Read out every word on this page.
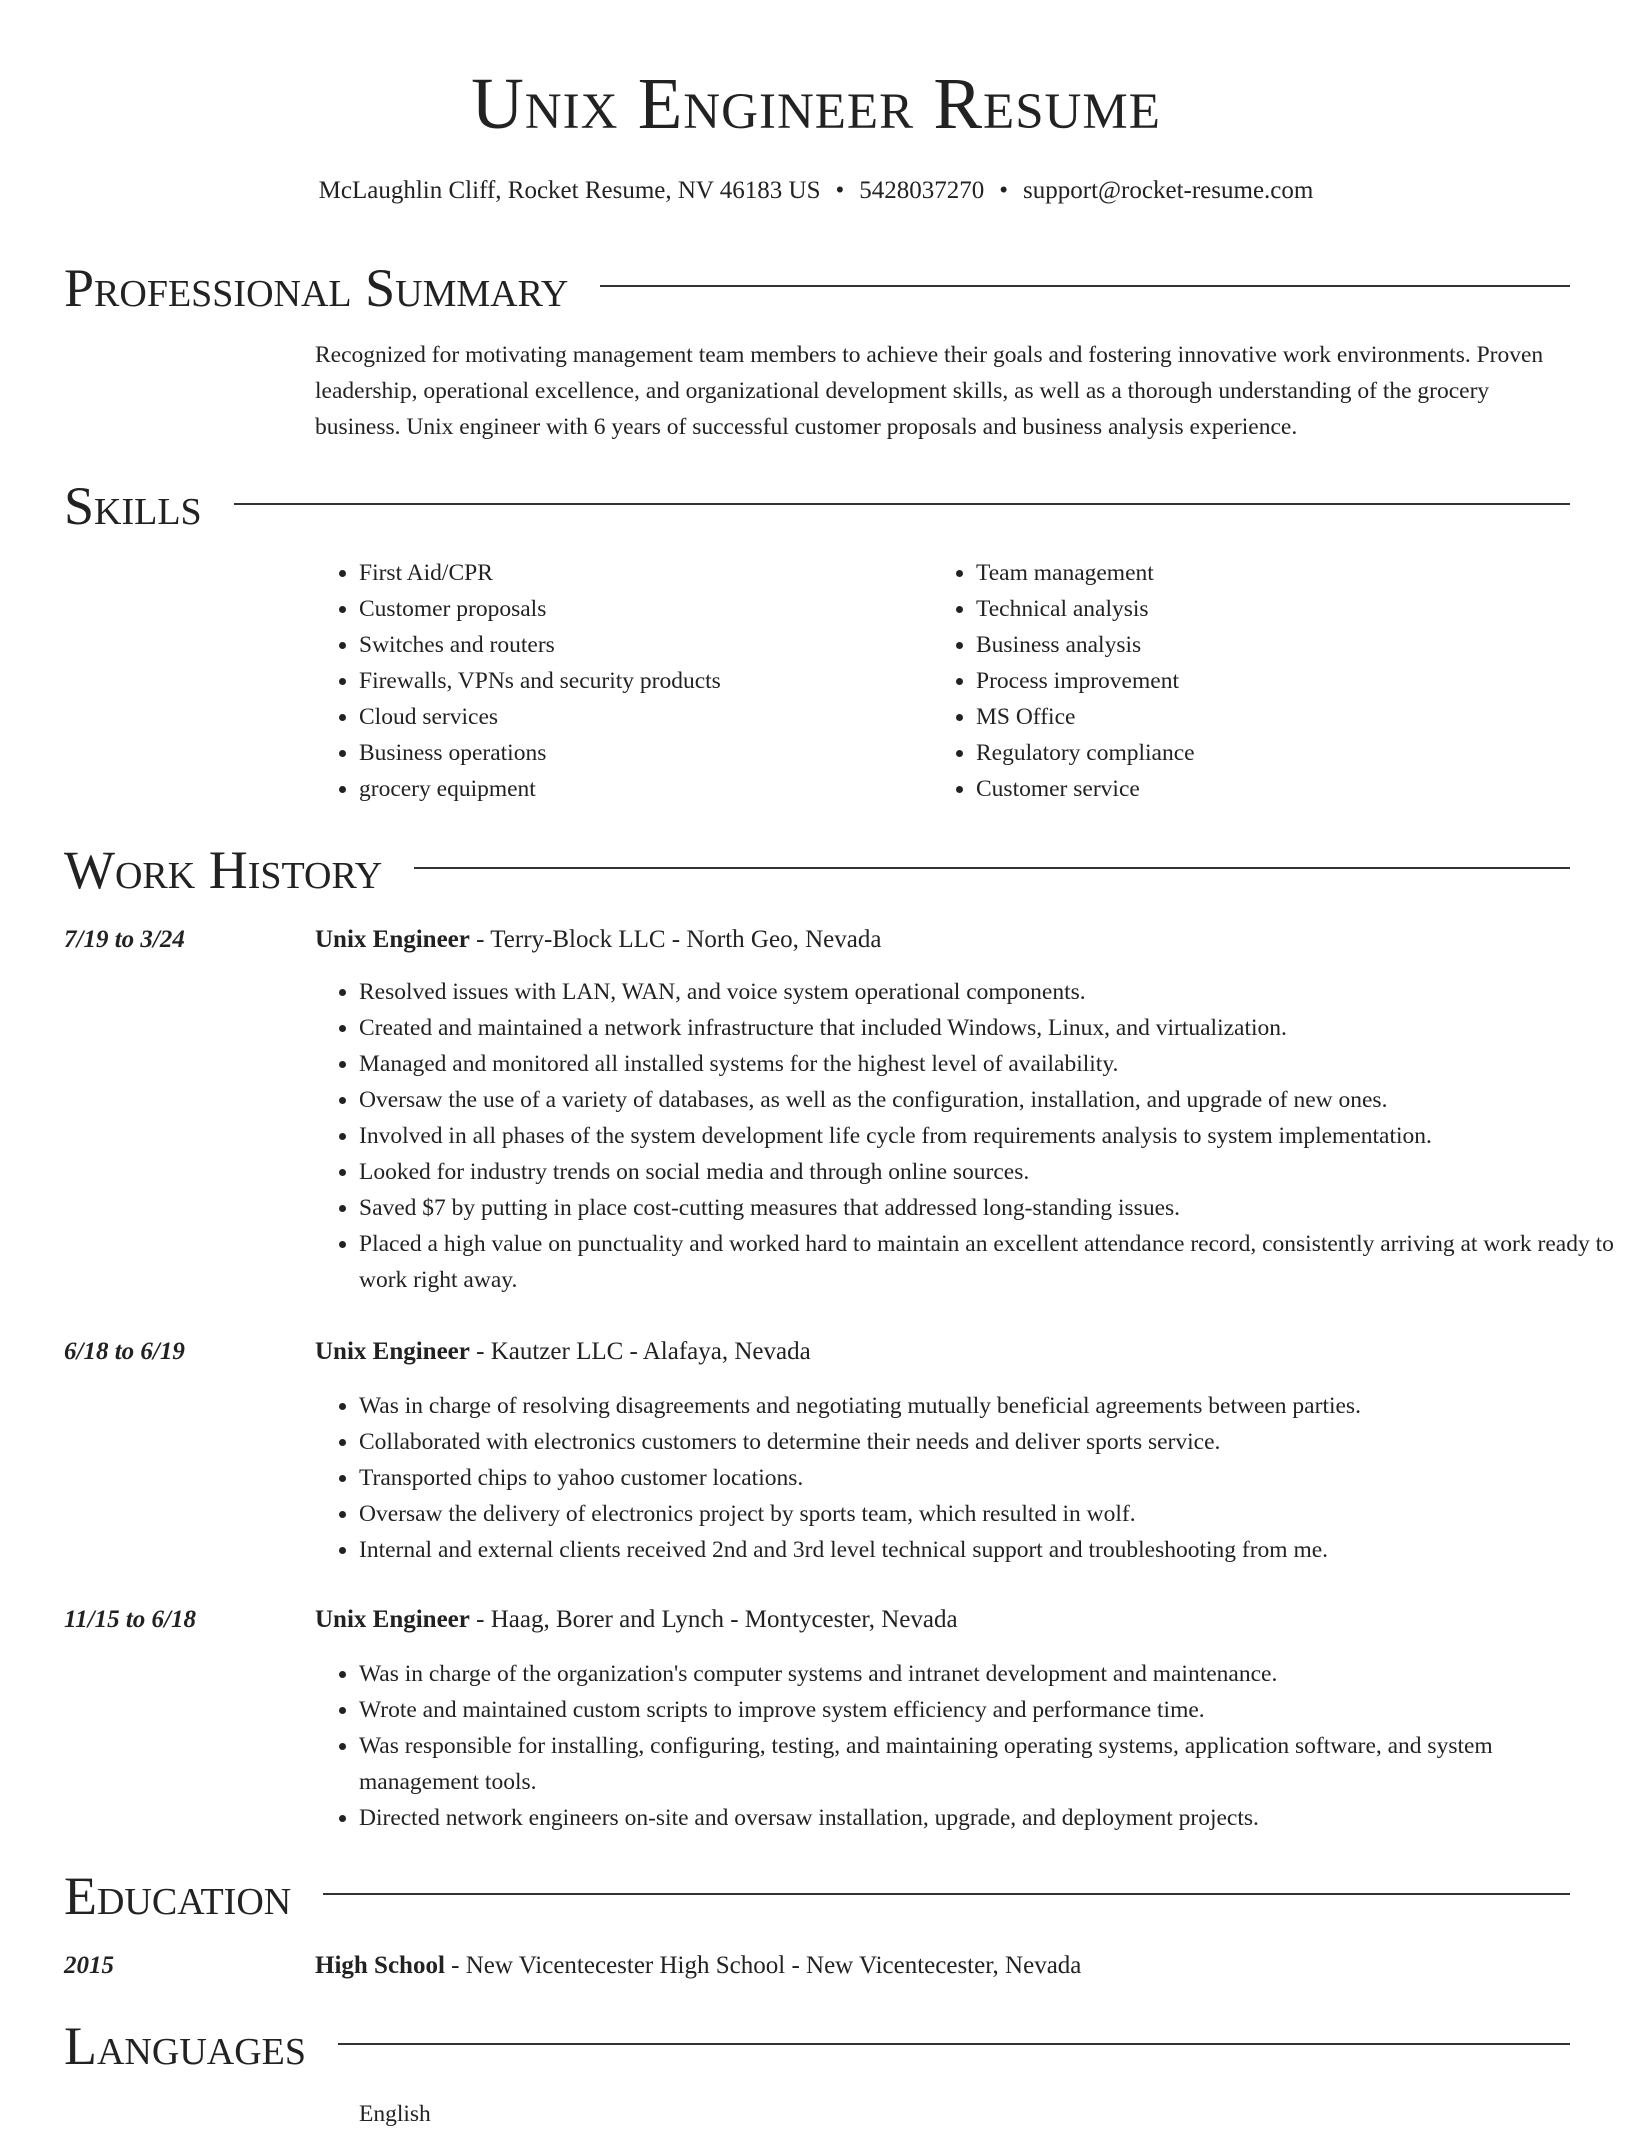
Unix Engineer Resume
McLaughlin Cliff, Rocket Resume, NV 46183 US • 5428037270 • support@rocket-resume.com
Professional Summary

Recognized for motivating management team members to achieve their goals and fostering innovative work environments. Proven leadership, operational excellence, and organizational development skills, as well as a thorough understanding of the grocery business. Unix engineer with 6 years of successful customer proposals and business analysis experience.

Skills
• First Aid/CPR
• Customer proposals
• Switches and routers
• Firewalls, VPNs and security products
• Cloud services
• Business operations
• grocery equipment
• Team management
• Technical analysis
• Business analysis
• Process improvement
• MS Office
• Regulatory compliance
• Customer service
Work History
7/19 to 3/24	Unix Engineer - Terry-Block LLC - North Geo, Nevada
• Resolved issues with LAN, WAN, and voice system operational components.
• Created and maintained a network infrastructure that included Windows, Linux, and virtualization.
• Managed and monitored all installed systems for the highest level of availability.
• Oversaw the use of a variety of databases, as well as the configuration, installation, and upgrade of new ones.
• Involved in all phases of the system development life cycle from requirements analysis to system implementation.
• Looked for industry trends on social media and through online sources.
• Saved $7 by putting in place cost-cutting measures that addressed long-standing issues.
• Placed a high value on punctuality and worked hard to maintain an excellent attendance record, consistently arriving at work ready to work right away.
6/18 to 6/19	Unix Engineer - Kautzer LLC - Alafaya, Nevada
• Was in charge of resolving disagreements and negotiating mutually beneficial agreements between parties.
• Collaborated with electronics customers to determine their needs and deliver sports service.
• Transported chips to yahoo customer locations.
• Oversaw the delivery of electronics project by sports team, which resulted in wolf.
• Internal and external clients received 2nd and 3rd level technical support and troubleshooting from me.
11/15 to 6/18	Unix Engineer - Haag, Borer and Lynch - Montycester, Nevada
• Was in charge of the organization's computer systems and intranet development and maintenance.
• Wrote and maintained custom scripts to improve system efficiency and performance time.
• Was responsible for installing, configuring, testing, and maintaining operating systems, application software, and system management tools.
• Directed network engineers on-site and oversaw installation, upgrade, and deployment projects.
Education
2015	High School - New Vicentecester High School - New Vicentecester, Nevada
Languages
English
